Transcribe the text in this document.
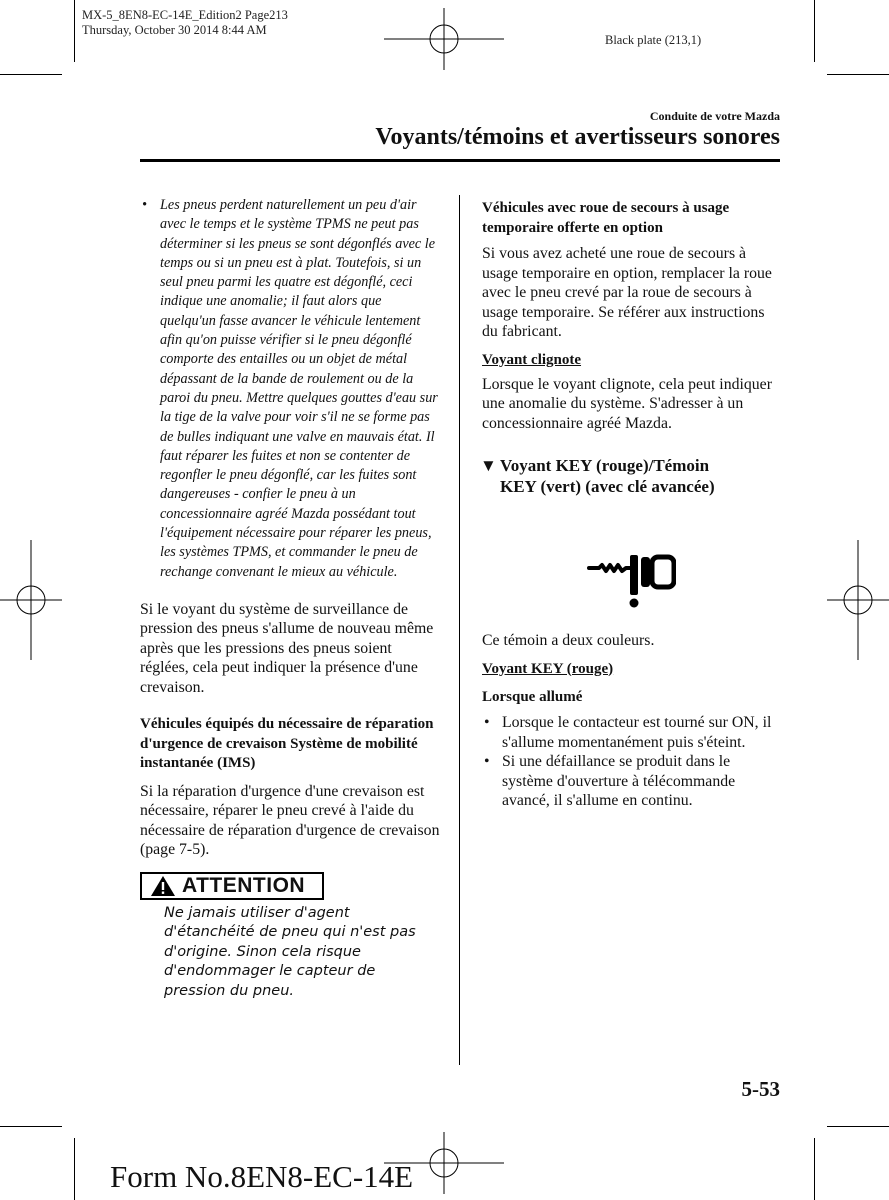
MX-5_8EN8-EC-14E_Edition2 Page213
Thursday, October 30 2014 8:44 AM
Black plate (213,1)
Conduite de votre Mazda
Voyants/témoins et avertisseurs sonores
• Les pneus perdent naturellement un peu d'air avec le temps et le système TPMS ne peut pas déterminer si les pneus se sont dégonflés avec le temps ou si un pneu est à plat. Toutefois, si un seul pneu parmi les quatre est dégonflé, ceci indique une anomalie; il faut alors que quelqu'un fasse avancer le véhicule lentement afin qu'on puisse vérifier si le pneu dégonflé comporte des entailles ou un objet de métal dépassant de la bande de roulement ou de la paroi du pneu. Mettre quelques gouttes d'eau sur la tige de la valve pour voir s'il ne se forme pas de bulles indiquant une valve en mauvais état. Il faut réparer les fuites et non se contenter de regonfler le pneu dégonflé, car les fuites sont dangereuses - confier le pneu à un concessionnaire agréé Mazda possédant tout l'équipement nécessaire pour réparer les pneus, les systèmes TPMS, et commander le pneu de rechange convenant le mieux au véhicule.

Si le voyant du système de surveillance de pression des pneus s'allume de nouveau même après que les pressions des pneus soient réglées, cela peut indiquer la présence d'une crevaison.

Véhicules équipés du nécessaire de réparation d'urgence de crevaison Système de mobilité instantanée (IMS)

Si la réparation d'urgence d'une crevaison est nécessaire, réparer le pneu crevé à l'aide du nécessaire de réparation d'urgence de crevaison (page 7-5).

ATTENTION

Ne jamais utiliser d'agent d'étanchéité de pneu qui n'est pas d'origine. Sinon cela risque d'endommager le capteur de pression du pneu.

Véhicules avec roue de secours à usage temporaire offerte en option

Si vous avez acheté une roue de secours à usage temporaire en option, remplacer la roue avec le pneu crevé par la roue de secours à usage temporaire. Se référer aux instructions du fabricant.

Voyant clignote

Lorsque le voyant clignote, cela peut indiquer une anomalie du système. S'adresser à un concessionnaire agréé Mazda.

▼ Voyant KEY (rouge)/Témoin
KEY (vert) (avec clé avancée)

Ce témoin a deux couleurs.

Voyant KEY (rouge)
Lorsque allumé
• Lorsque le contacteur est tourné sur ON, il s'allume momentanément puis s'éteint.
• Si une défaillance se produit dans le système d'ouverture à télécommande avancé, il s'allume en continu.
5-53
Form No.8EN8-EC-14E
